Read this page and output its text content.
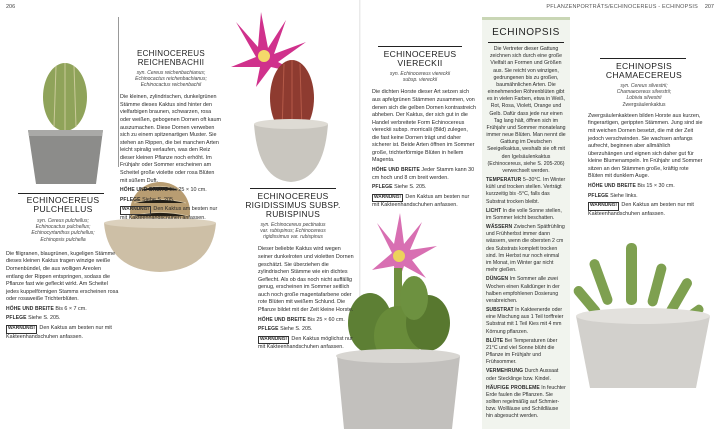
206	PFLANZENPORTRÄTS/ECHINOCEREUS - ECHINOPSIS 207
ECHINOCEREUS
PULCHELLUS
syn. Cereus pulchellus;
Echinocactus pulchellus;
Echinocyrtanthus pulchellus;
Echinopsis pulchella

Die filigranen, blaugrünen, kugeligen Stämme dieses kleinen Kaktus tragen winzige weiße Dornenbündel, die aus wolligen Areolen entlang der Rippen entspringen, sodass die Pflanze fast wie gefleckt wirkt. Am Scheitel jedes kuppelförmigen Stamms erscheinen rosa oder rosaweiße Trichterblüten.

HÖHE UND BREITE Bis 6 × 7 cm.

PFLEGE Siehe S. 205.

WARNUNG! Den Kaktus am besten nur mit Kakteenhandschuhen anfassen.

ECHINOCEREUS
REICHENBACHII
syn. Cereus reichenbachianus;
Echinocactus reichenbachianus;
Echinocactus reichenbachii

Die kleinen, zylindrischen, dunkelgrünen Stämme dieses Kaktus sind hinter den vielfarbigen braunen, schwarzen, rosa oder weißen, gebogenen Dornen oft kaum auszumachen. Diese Dornen verweben sich zu einem spitzenartigen Muster. Sie stehen an Rippen, die bei manchen Arten leicht spiralig verlaufen, was den Reiz dieser kleinen Pflanze noch erhöht. Im Frühjahr oder Sommer erscheinen am Scheitel große violette oder rosa Blüten mit süßem Duft.

HÖHE UND BREITE Bis 25 × 10 cm.

PFLEGE Siehe S. 205.

WARNUNG! Den Kaktus am besten nur mit Kakteenhandschuhen anfassen.

ECHINOCEREUS
RIGIDISSIMUS SUBSP.
RUBISPINUS
syn. Echinocereus pectinatus
var. rubispinus; Echinocereus
rigidissimus var. rubispinus

Dieser beliebte Kaktus wird wegen seiner dunkelroten und violetten Dornen geschätzt. Sie überziehen die zylindrischen Stämme wie ein dichtes Geflecht. Als ob das noch nicht auffällig genug, erscheinen im Sommer seitlich auch noch große magentafarbene oder rote Blüten mit weißem Schlund. Die Pflanze bildet mit der Zeit kleine Horste.

HÖHE UND BREITE Bis 25 × 60 cm.

PFLEGE Siehe S. 205.

WARNUNG! Den Kaktus möglichst nur mit Kakteenhandschuhen anfassen.

ECHINOCEREUS
VIERECKII
syn. Echinocereus viereckii
subsp. viereckii

Die dichten Horste dieser Art setzen sich aus apfelgrünen Stämmen zusammen, von denen sich die gelben Dornen kontrastreich abheben. Der Kaktus, der sich gut in die Handel verbreitete Form Echinocereus viereckii subsp. morricalii (Bild) zulegen, die fast keine Dornen trägt und daher sicherer ist. Beide Arten öffnen im Sommer große, trichterförmige Blüten in hellem Magenta.

HÖHE UND BREITE Jeder Stamm kann 30 cm hoch und 8 cm breit werden.

PFLEGE Siehe S. 205.

WARNUNG! Den Kaktus am besten nur mit Kakteenhandschuhen anfassen.

ECHINOPSIS

Die Vertreter dieser Gattung zeichnen sich durch eine große Vielfalt an Formen und Größen aus. Sie reicht von winzigen, gedrungenen bis zu großen, baumähnlichen Arten. Die einnehmenden Röhrenblüten gibt es in vielen Farben, etwa in Weiß, Rot, Rosa, Violett, Orange und Gelb. Dafür dass jede nur einen Tag lang hält, öffnen sich im Frühjahr und Sommer monatelang immer neue Blüten. Man nennt die Gattung im Deutschen Seeigelkaktus, weshalb sie oft mit den Igelsäulenkaktus (Echinocereus, siehe S. 205-206) verwechselt werden.

TEMPERATUR 5–30°C. Im Winter kühl und trocken stellen. Verträgt kurzzeitig bis -5°C, falls das Substrat trocken bleibt.

LICHT In die volle Sonne stellen, im Sommer leicht beschatten.

WÄSSERN Zwischen Spätfrühling und Frühherbst immer dann wässern, wenn die obersten 2 cm des Substrats komplett trocken sind. Im Herbst nur noch einmal im Monat, im Winter gar nicht mehr gießen.

DÜNGEN Im Sommer alle zwei Wochen einen Kalidünger in der halben empfohlenen Dosierung verabreichen.

SUBSTRAT In Kakteenerde oder eine Mischung aus 1 Teil torffreier Substrat mit 1 Teil Kies mit 4 mm Körnung pflanzen.

BLÜTE Bei Temperaturen über 21°C und viel Sonne blüht die Pflanze im Frühjahr und Frühsommer.

VERMEHRUNG Durch Aussaat oder Stecklinge bzw. Kindel.

HÄUFIGE PROBLEME In feuchter Erde faulen die Pflanzen. Sie sollten regelmäßig auf Schmier- bzw. Wollläuse und Schildläuse hin abgesucht werden.

ECHINOPSIS
CHAMAECEREUS
syn. Cereus silvestrii;
Chamaecereus silvestrii;
Lobivia silvestrii
Zwergsäulenkaktus

Zwergsäulenkakteen bilden Horste aus kurzen, fingerartigen, gerippten Stämmen. Jung sind sie mit weichen Dornen besetzt, die mit der Zeit jedoch verschwinden. Sie wachsen anfangs aufrecht, beginnen aber allmählich überzuhängen und eignen sich daher gut für kleine Blumenampeln. Im Frühjahr und Sommer sitzen an den Stämmen große, kräftig rote Blüten mit dunklem Auge.

HÖHE UND BREITE Bis 15 × 30 cm.

PFLEGE Siehe links.

WARNUNG! Den Kaktus am besten nur mit Kakteenhandschuhen anfassen.
